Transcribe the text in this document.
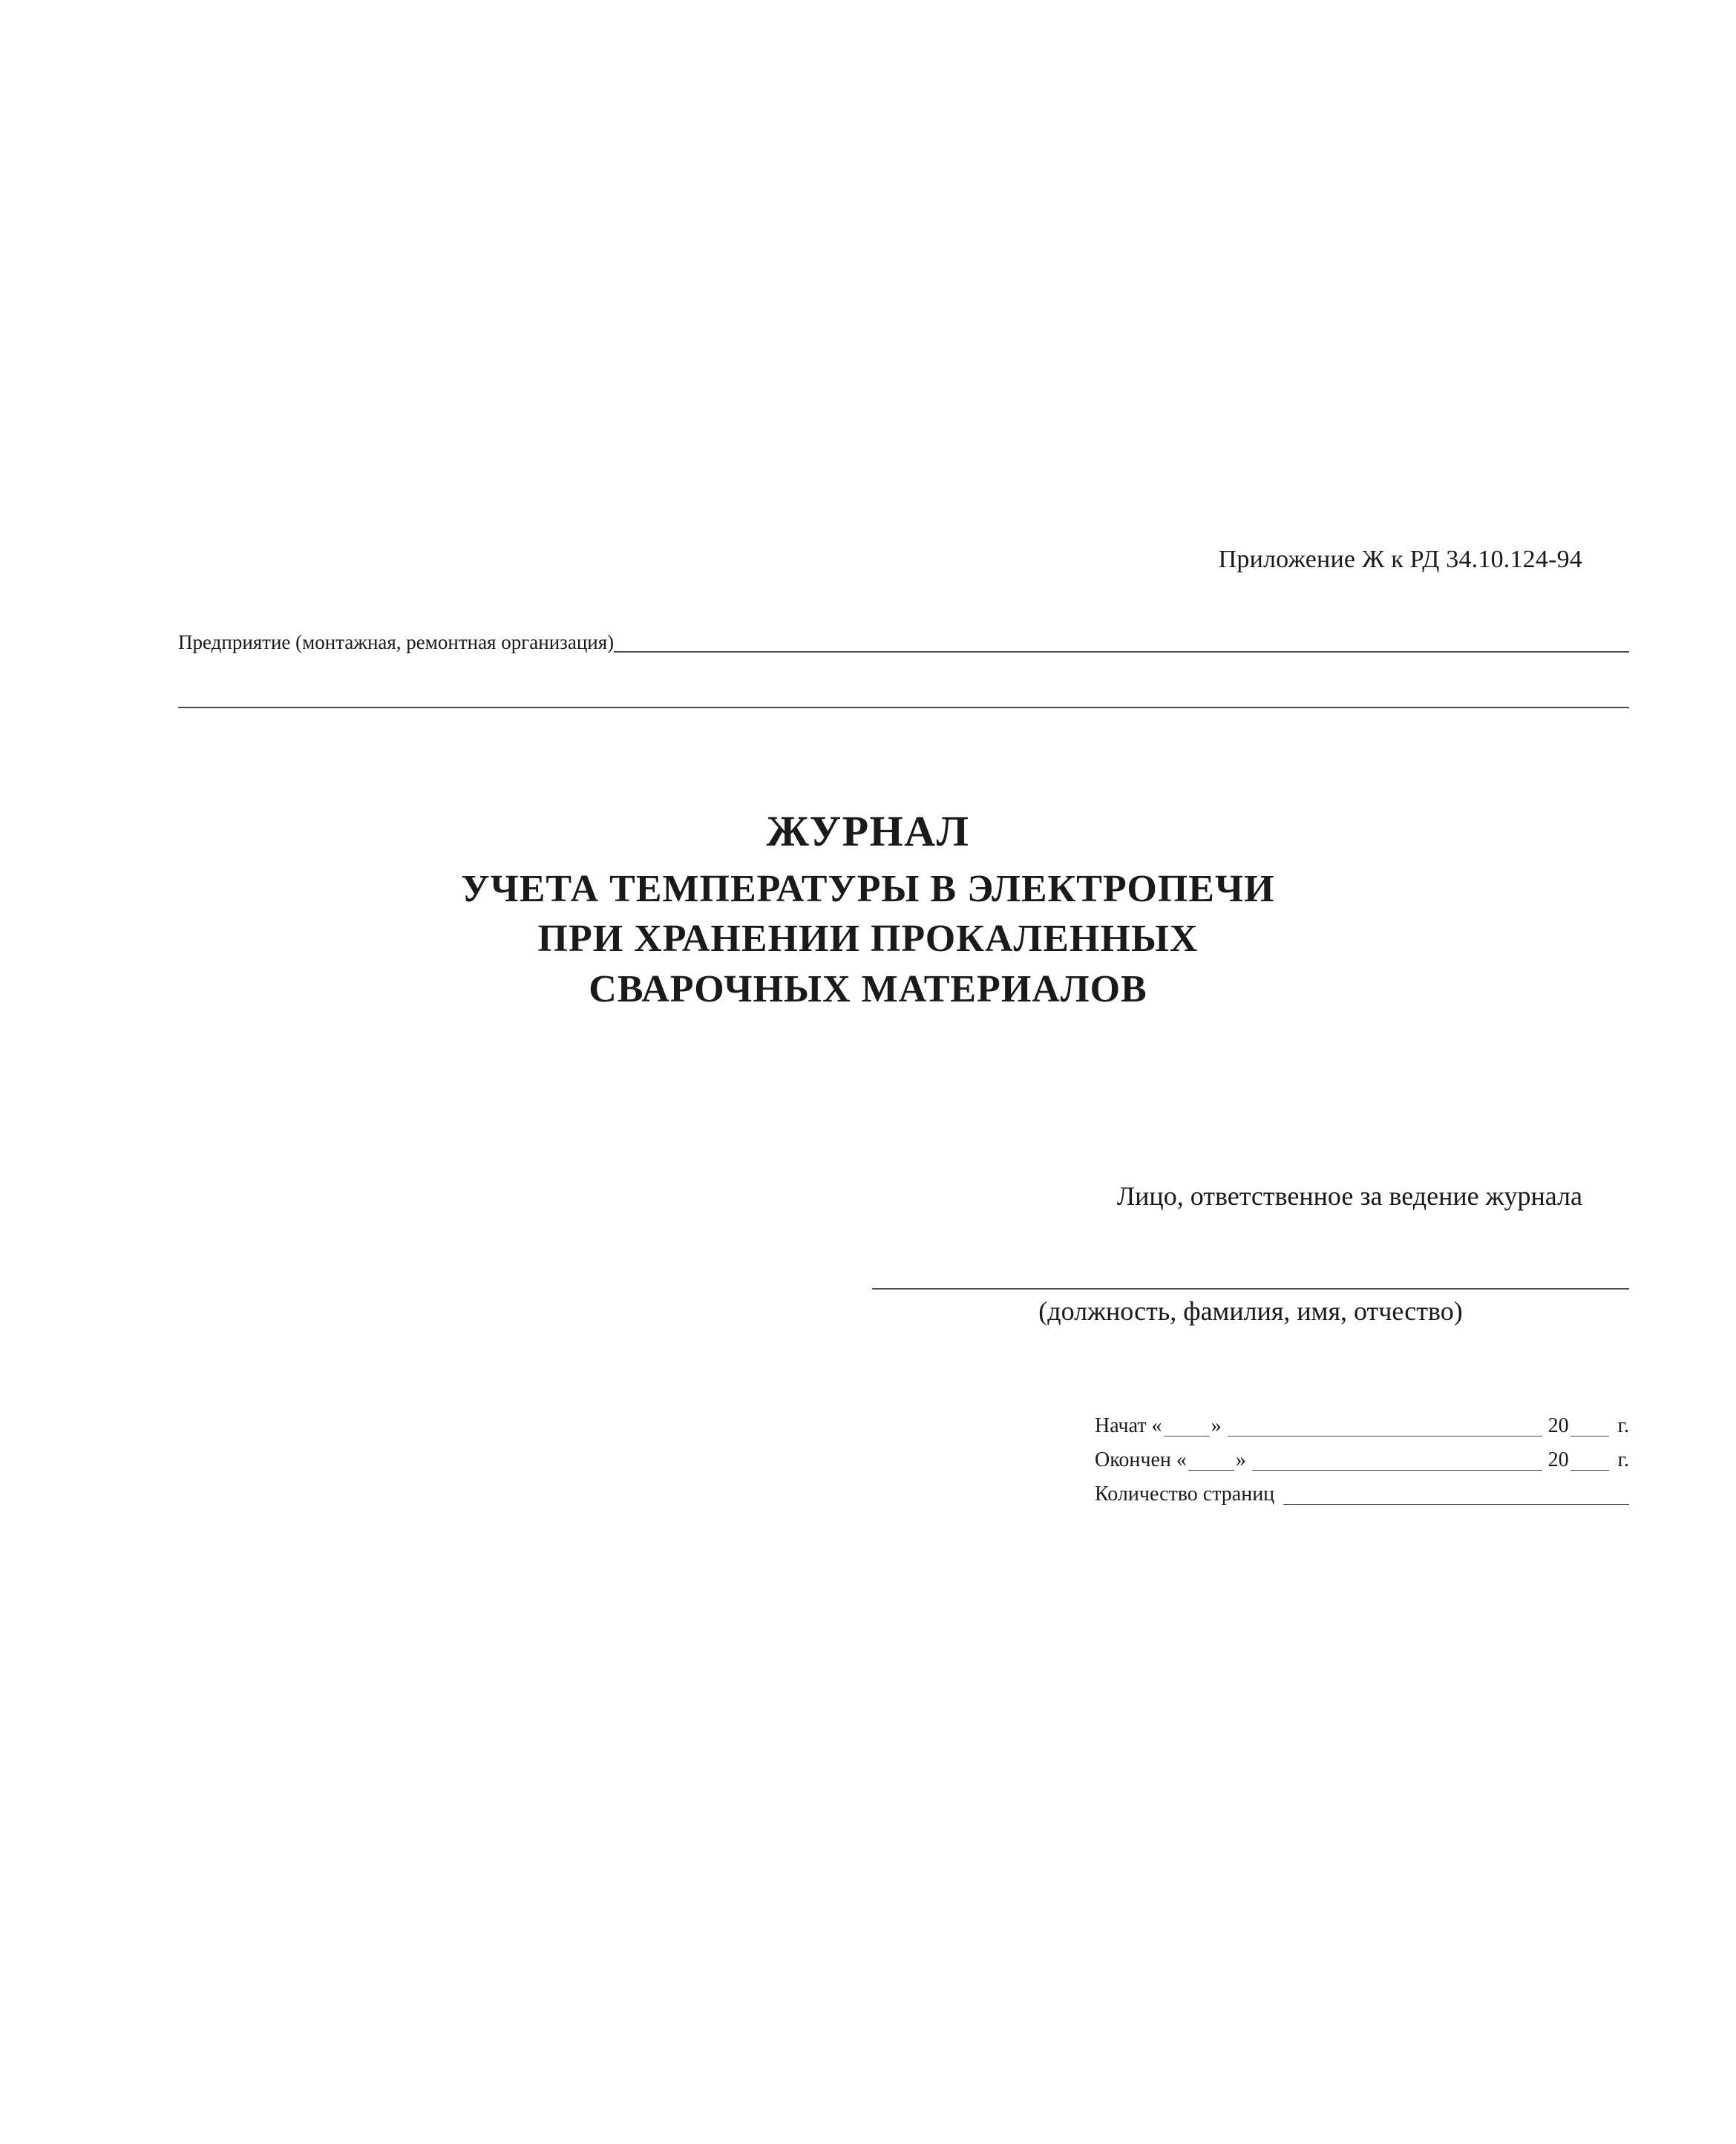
Приложение Ж к РД 34.10.124-94
Предприятие (монтажная, ремонтная организация)
ЖУРНАЛ
УЧЕТА ТЕМПЕРАТУРЫ В ЭЛЕКТРОПЕЧИ
ПРИ ХРАНЕНИИ ПРОКАЛЕННЫХ
СВАРОЧНЫХ МАТЕРИАЛОВ
Лицо, ответственное за ведение журнала
(должность, фамилия, имя, отчество)
Начат « »	20	г.
Окончен « »	20	г.
Количество страниц
